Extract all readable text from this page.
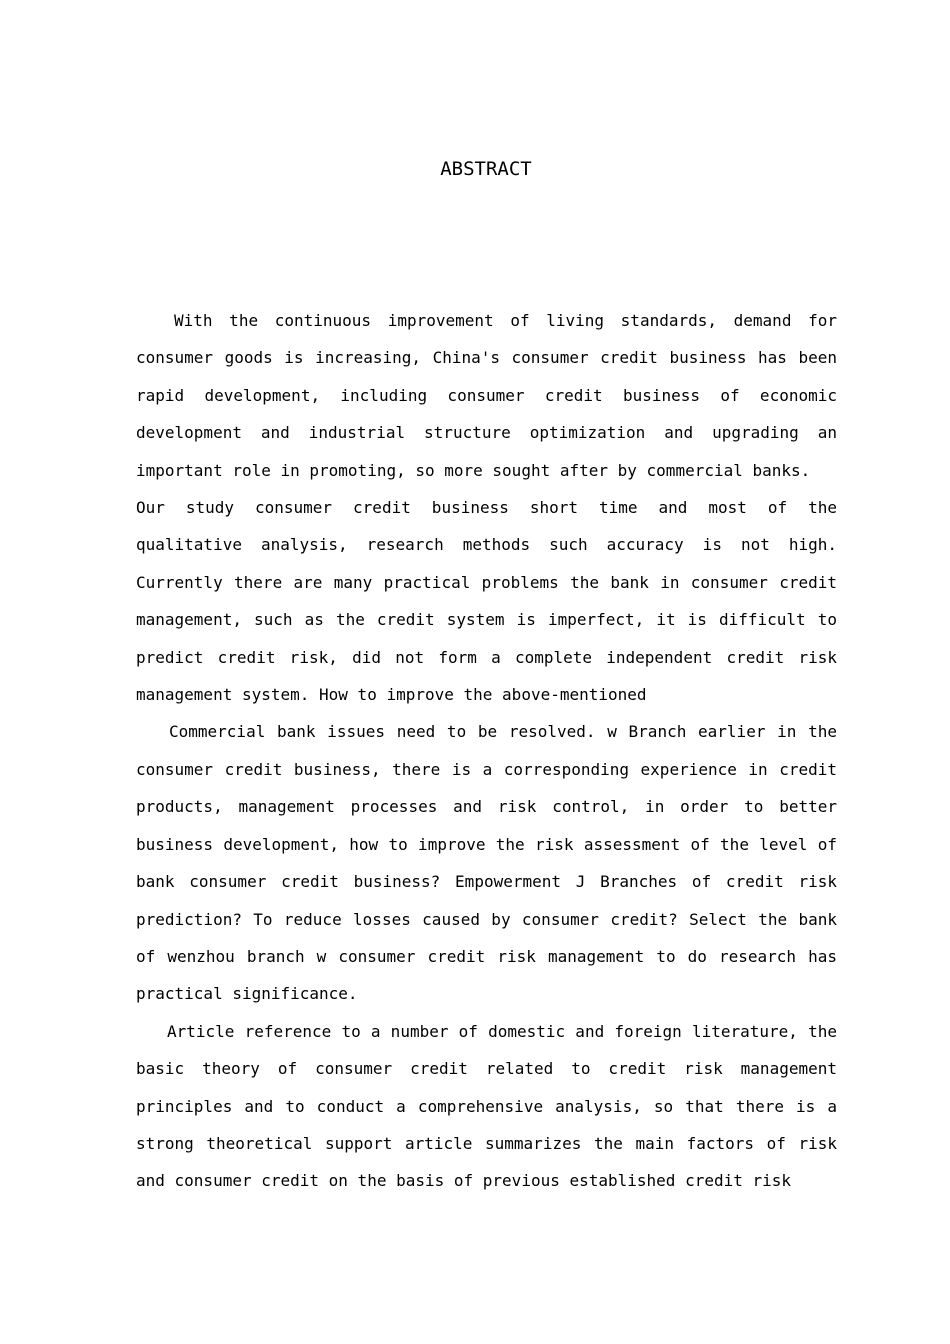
ABSTRACT

With the continuous improvement of living standards, demand for consumer goods is increasing, China's consumer credit business has been rapid development, including consumer credit business of economic development and industrial structure optimization and upgrading an important role in promoting, so more sought after by commercial banks.

Our study consumer credit business short time and most of the qualitative analysis, research methods such accuracy is not high. Currently there are many practical problems the bank in consumer credit management, such as the credit system is imperfect, it is difficult to predict credit risk, did not form a complete independent credit risk management system. How to improve the above-mentioned

Commercial bank issues need to be resolved. w Branch earlier in the consumer credit business, there is a corresponding experience in credit products, management processes and risk control, in order to better business development, how to improve the risk assessment of the level of bank consumer credit business? Empowerment J Branches of credit risk prediction? To reduce losses caused by consumer credit? Select the bank of wenzhou branch w consumer credit risk management to do research has practical significance.

Article reference to a number of domestic and foreign literature, the basic theory of consumer credit related to credit risk management principles and to conduct a comprehensive analysis, so that there is a strong theoretical support article summarizes the main factors of risk and consumer credit on the basis of previous established credit risk
